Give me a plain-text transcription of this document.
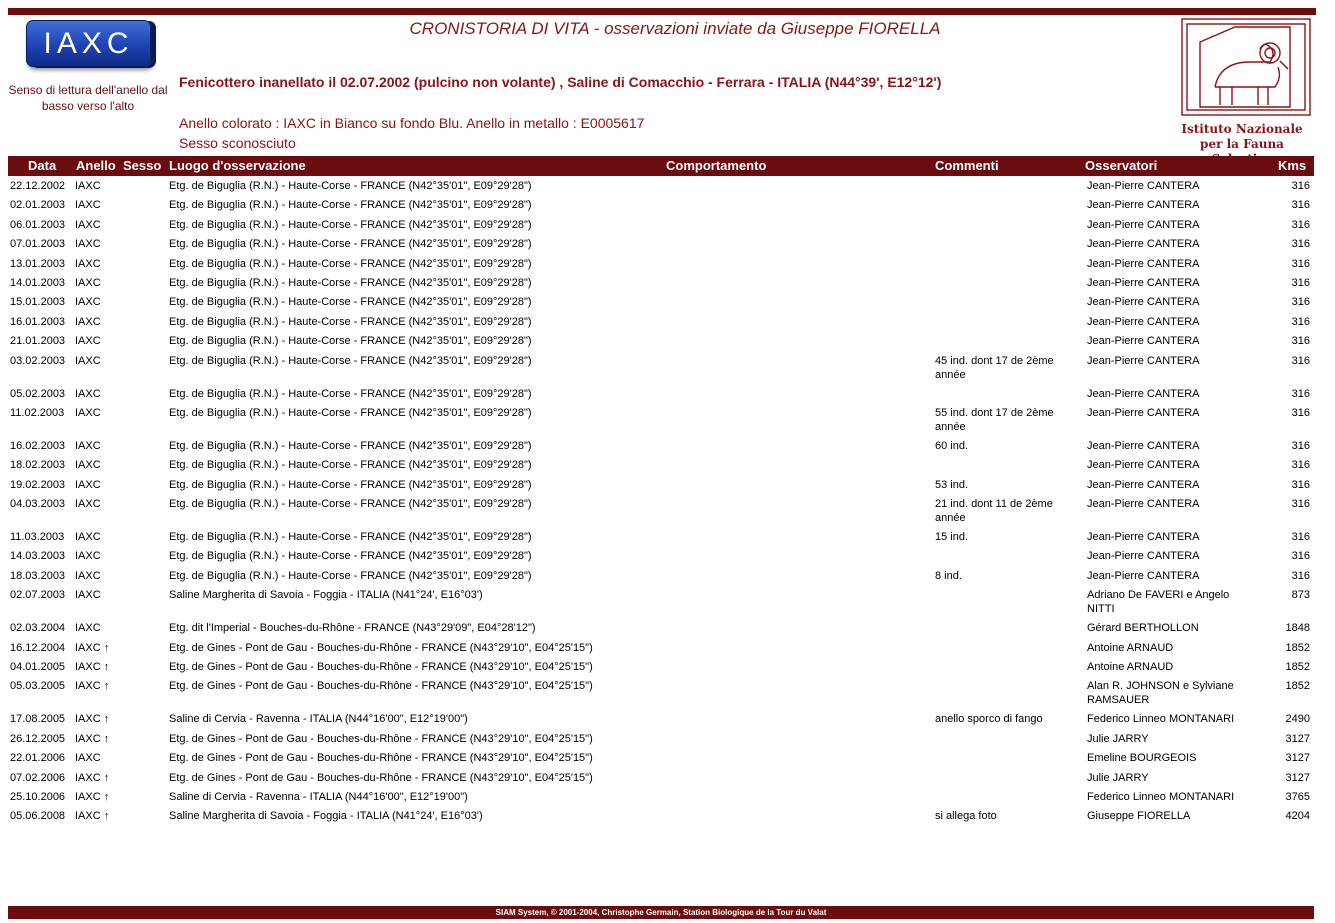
IAXC
Senso di lettura dell'anello dal basso verso l'alto
CRONISTORIA DI VITA - osservazioni inviate da Giuseppe FIORELLA
Fenicottero inanellato il 02.07.2002 (pulcino non volante) , Saline di Comacchio - Ferrara - ITALIA (N44°39', E12°12')
Anello colorato : IAXC in Bianco su fondo Blu. Anello in metallo : E0005617
Sesso sconosciuto
Istituto Nazionale per la Fauna
Data Anello Sesso Luogo d'osservazione	Comportamento	Commenti	Osservatori	Kms
22.12.2002 IAXC	Etg. de Biguglia (R.N.) - Haute-Corse - FRANCE (N42°35'01", E09°29'28")	Jean-Pierre CANTERA	316
02.01.2003 IAXC	Etg. de Biguglia (R.N.) - Haute-Corse - FRANCE (N42°35'01", E09°29'28")	Jean-Pierre CANTERA	316
06.01.2003 IAXC	Etg. de Biguglia (R.N.) - Haute-Corse - FRANCE (N42°35'01", E09°29'28")	Jean-Pierre CANTERA	316
07.01.2003 IAXC	Etg. de Biguglia (R.N.) - Haute-Corse - FRANCE (N42°35'01", E09°29'28")	Jean-Pierre CANTERA	316
13.01.2003 IAXC	Etg. de Biguglia (R.N.) - Haute-Corse - FRANCE (N42°35'01", E09°29'28")	Jean-Pierre CANTERA	316
14.01.2003 IAXC	Etg. de Biguglia (R.N.) - Haute-Corse - FRANCE (N42°35'01", E09°29'28")	Jean-Pierre CANTERA	316
15.01.2003 IAXC	Etg. de Biguglia (R.N.) - Haute-Corse - FRANCE (N42°35'01", E09°29'28")	Jean-Pierre CANTERA	316
16.01.2003 IAXC	Etg. de Biguglia (R.N.) - Haute-Corse - FRANCE (N42°35'01", E09°29'28")	Jean-Pierre CANTERA	316
21.01.2003 IAXC	Etg. de Biguglia (R.N.) - Haute-Corse - FRANCE (N42°35'01", E09°29'28")	Jean-Pierre CANTERA	316
03.02.2003 IAXC	Etg. de Biguglia (R.N.) - Haute-Corse - FRANCE (N42°35'01", E09°29'28")	45 ind. dont 17 de 2ème année
Jean-Pierre CANTERA	316
05.02.2003 IAXC	Etg. de Biguglia (R.N.) - Haute-Corse - FRANCE (N42°35'01", E09°29'28")	Jean-Pierre CANTERA	316
11.02.2003 IAXC	Etg. de Biguglia (R.N.) - Haute-Corse - FRANCE (N42°35'01", E09°29'28")	55 ind. dont 17 de 2ème année
Jean-Pierre CANTERA	316
16.02.2003 IAXC	Etg. de Biguglia (R.N.) - Haute-Corse - FRANCE (N42°35'01", E09°29'28")	60 ind.	Jean-Pierre CANTERA	316
18.02.2003 IAXC	Etg. de Biguglia (R.N.) - Haute-Corse - FRANCE (N42°35'01", E09°29'28")	Jean-Pierre CANTERA	316
19.02.2003 IAXC	Etg. de Biguglia (R.N.) - Haute-Corse - FRANCE (N42°35'01", E09°29'28")	53 ind.	Jean-Pierre CANTERA	316
04.03.2003 IAXC	Etg. de Biguglia (R.N.) - Haute-Corse - FRANCE (N42°35'01", E09°29'28")	21 ind. dont 11 de 2ème année
Jean-Pierre CANTERA	316
11.03.2003 IAXC	Etg. de Biguglia (R.N.) - Haute-Corse - FRANCE (N42°35'01", E09°29'28")	15 ind.	Jean-Pierre CANTERA	316
14.03.2003 IAXC	Etg. de Biguglia (R.N.) - Haute-Corse - FRANCE (N42°35'01", E09°29'28")	Jean-Pierre CANTERA	316
18.03.2003 IAXC	Etg. de Biguglia (R.N.) - Haute-Corse - FRANCE (N42°35'01", E09°29'28")	8 ind.	Jean-Pierre CANTERA	316
02.07.2003 IAXC	Saline Margherita di Savoia - Foggia - ITALIA (N41°24', E16°03')	Adriano De FAVERI e Angelo NITTI
873
02.03.2004 IAXC	Etg. dit l'Imperial - Bouches-du-Rhône - FRANCE (N43°29'09", E04°28'12")	Gérard BERTHOLLON	1848
16.12.2004 IAXC ↑	Etg. de Gines - Pont de Gau - Bouches-du-Rhône - FRANCE (N43°29'10", E04°25'15")	Antoine ARNAUD	1852
04.01.2005 IAXC ↑	Etg. de Gines - Pont de Gau - Bouches-du-Rhône - FRANCE (N43°29'10", E04°25'15")	Antoine ARNAUD	1852
05.03.2005 IAXC ↑	Etg. de Gines - Pont de Gau - Bouches-du-Rhône - FRANCE (N43°29'10", E04°25'15")	Alan R. JOHNSON e Sylviane RAMSAUER
1852
17.08.2005 IAXC ↑	Saline di Cervia - Ravenna - ITALIA (N44°16'00", E12°19'00")	anello sporco di fango	Federico Linneo MONTANARI	2490
26.12.2005 IAXC ↑	Etg. de Gines - Pont de Gau - Bouches-du-Rhône - FRANCE (N43°29'10", E04°25'15")	Julie JARRY	3127
22.01.2006 IAXC	Etg. de Gines - Pont de Gau - Bouches-du-Rhône - FRANCE (N43°29'10", E04°25'15")	Emeline BOURGEOIS	3127
07.02.2006 IAXC ↑	Etg. de Gines - Pont de Gau - Bouches-du-Rhône - FRANCE (N43°29'10", E04°25'15")	Julie JARRY	3127
25.10.2006 IAXC ↑	Saline di Cervia - Ravenna - ITALIA (N44°16'00", E12°19'00")	Federico Linneo MONTANARI	3765
05.06.2008 IAXC ↑	Saline Margherita di Savoia - Foggia - ITALIA (N41°24', E16°03')	si allega foto	Giuseppe FIORELLA	4204
SIAM System, © 2001-2004, Christophe Germain, Station Biologique de la Tour du Valat
